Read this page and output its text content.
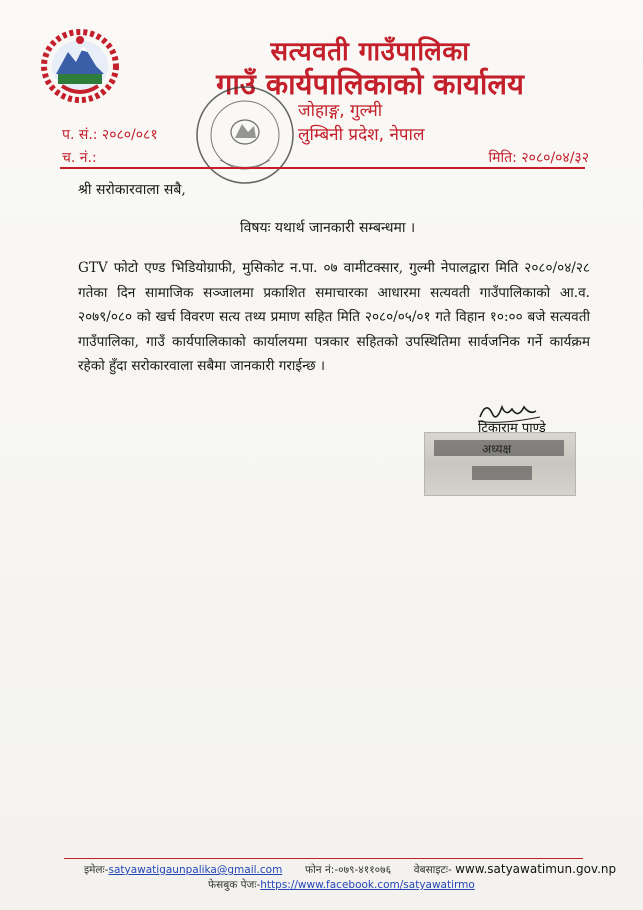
सत्यवती गाउँपालिका
गाउँ कार्यपालिकाको कार्यालय
जोहाङ्ग, गुल्मी
लुम्बिनी प्रदेश, नेपाल
प. सं.: २०८०/०८१
च. नं.:	मिति: २०८०/०४/३२
श्री सरोकारवाला सबै,
विषयः यथार्थ जानकारी सम्बन्धमा ।
GTV फोटो एण्ड भिडियोग्राफी, मुसिकोट न.पा. ०७ वामीटक्सार, गुल्मी नेपालद्वारा मिति २०८०/०४/२८ गतेका दिन सामाजिक सञ्जालमा प्रकाशित समाचारका आधारमा सत्यवती गाउँपालिकाको आ.व. २०७९/०८० को खर्च विवरण सत्य तथ्य प्रमाण सहित मिति २०८०/०५/०१ गते विहान १०:०० बजे सत्यवती गाउँपालिका, गाउँ कार्यपालिकाको कार्यालयमा पत्रकार सहितको उपस्थितिमा सार्वजनिक गर्ने कार्यक्रम रहेको हुँदा सरोकारवाला सबैमा जानकारी गराईन्छ ।
टिकाराम पाण्डे
अध्यक्ष
इमेलः-satyawatigaunpalika@gmail.com फोन नं:-०७९-४११०७६ वेबसाइटः- www.satyawatimun.gov.np
फेसबुक पेजः-https://www.facebook.com/satyawatirmo
